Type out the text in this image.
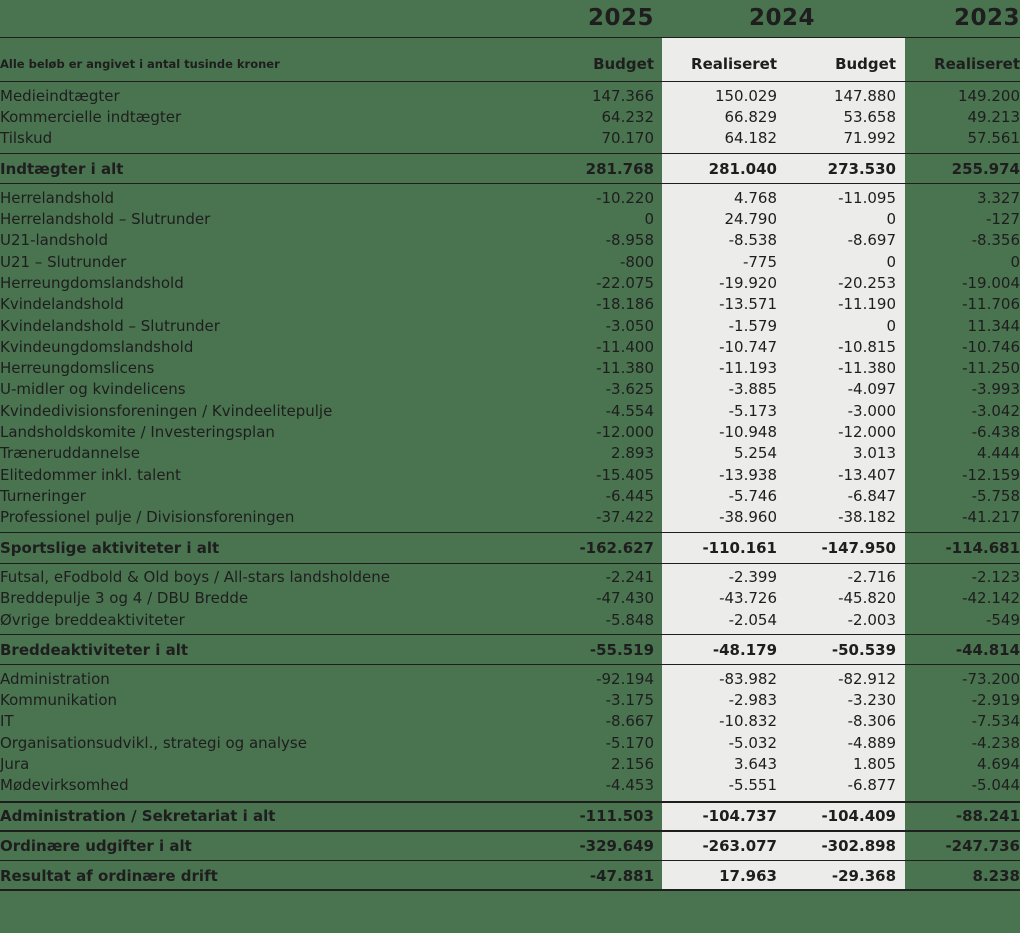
2025	2024	2023
Alle beløb er angivet i antal tusinde kroner	Budget	Realiseret	Budget	Realiseret
Medieindtægter	147.366	150.029	147.880	149.200
Kommercielle indtægter	64.232	66.829	53.658	49.213
Tilskud	70.170	64.182	71.992	57.561
Indtægter i alt	281.768	281.040	273.530	255.974
Herrelandshold	-10.220	4.768	-11.095	3.327
Herrelandshold – Slutrunder	0	24.790	0	-127
U21-landshold	-8.958	-8.538	-8.697	-8.356
U21 – Slutrunder	-800	-775	0	0
Herreungdomslandshold	-22.075	-19.920	-20.253	-19.004
Kvindelandshold	-18.186	-13.571	-11.190	-11.706
Kvindelandshold – Slutrunder	-3.050	-1.579	0	11.344
Kvindeungdomslandshold	-11.400	-10.747	-10.815	-10.746
Herreungdomslicens	-11.380	-11.193	-11.380	-11.250
U-midler og kvindelicens	-3.625	-3.885	-4.097	-3.993
Kvindedivisionsforeningen / Kvindeelitepulje	-4.554	-5.173	-3.000	-3.042
Landsholdskomite / Investeringsplan	-12.000	-10.948	-12.000	-6.438
Træneruddannelse	2.893	5.254	3.013	4.444
Elitedommer inkl. talent	-15.405	-13.938	-13.407	-12.159
Turneringer	-6.445	-5.746	-6.847	-5.758
Professionel pulje / Divisionsforeningen	-37.422	-38.960	-38.182	-41.217
Sportslige aktiviteter i alt	-162.627	-110.161	-147.950	-114.681
Futsal, eFodbold & Old boys / All-stars landsholdene	-2.241	-2.399	-2.716	-2.123
Breddepulje 3 og 4 / DBU Bredde	-47.430	-43.726	-45.820	-42.142
Øvrige breddeaktiviteter	-5.848	-2.054	-2.003	-549
Breddeaktiviteter i alt	-55.519	-48.179	-50.539	-44.814
Administration	-92.194	-83.982	-82.912	-73.200
Kommunikation	-3.175	-2.983	-3.230	-2.919
IT	-8.667	-10.832	-8.306	-7.534
Organisationsudvikl., strategi og analyse	-5.170	-5.032	-4.889	-4.238
Jura	2.156	3.643	1.805	4.694
Mødevirksomhed	-4.453	-5.551	-6.877	-5.044
Administration / Sekretariat i alt	-111.503	-104.737	-104.409	-88.241
Ordinære udgifter i alt	-329.649	-263.077	-302.898	-247.736
Resultat af ordinære drift	-47.881	17.963	-29.368	8.238
